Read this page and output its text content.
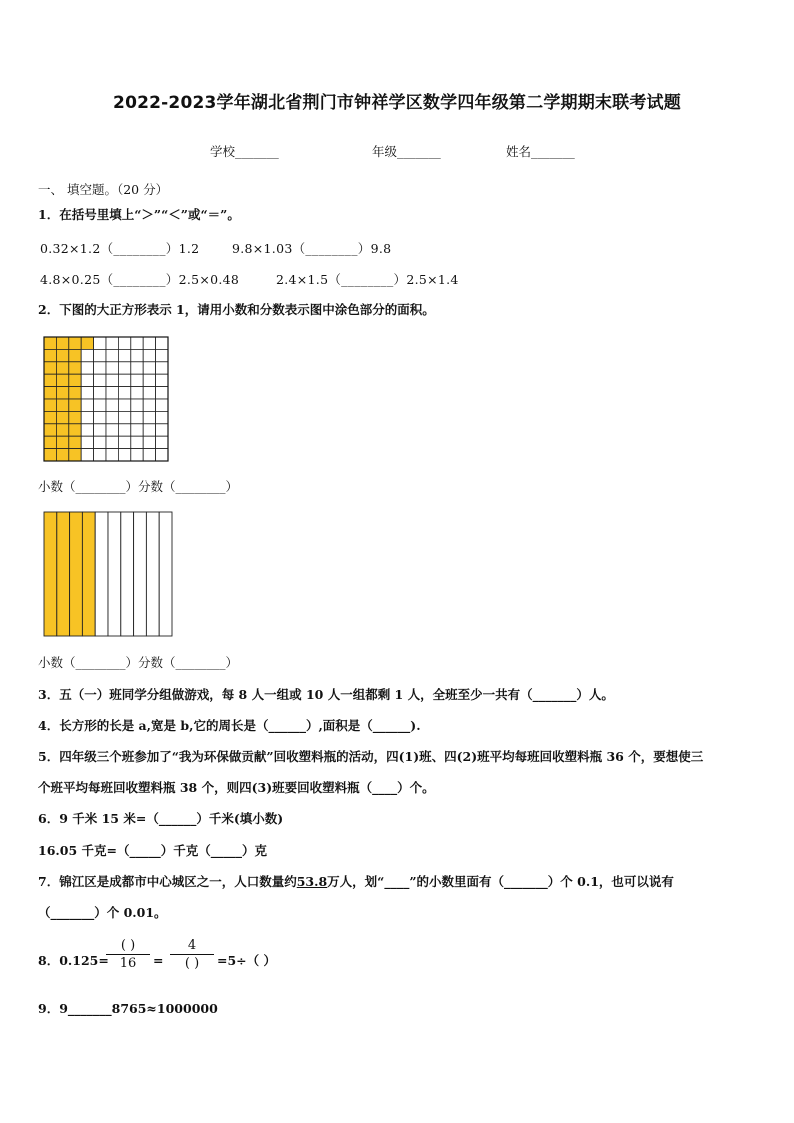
2022-2023学年湖北省荆门市钟祥学区数学四年级第二学期期末联考试题
学校_______	年级_______	姓名_______
一、 填空题。（20 分）
1．在括号里填上“＞”“＜”或“＝”。
0.32×1.2（________）1.2	9.8×1.03（________）9.8
4.8×0.25（________）2.5×0.48	2.4×1.5（________）2.5×1.4
2．下图的大正方形表示 1，请用小数和分数表示图中涂色部分的面积。
小数（________）分数（________）
小数（________）分数（________）
3．五（一）班同学分组做游戏，每 8 人一组或 10 人一组都剩 1 人，全班至少一共有（_______）人。
4．长方形的长是 a,宽是 b,它的周长是（______）,面积是（______).
5．四年级三个班参加了“我为环保做贡献”回收塑料瓶的活动，四(1)班、四(2)班平均每班回收塑料瓶 36 个，要想使三
个班平均每班回收塑料瓶 38 个，则四(3)班要回收塑料瓶（____）个。
6．9 千米 15 米=（______）千米(填小数)
16.05 千克=（_____）千克（_____）克
7．锦江区是成都市中心城区之一，人口数量约53.8万人，划“____”的小数里面有（_______）个 0.1，也可以说有
（_______）个 0.01。
8．0.125=
( )
16	=
4
( )	=5÷（ ）
9．9_______8765≈1000000
